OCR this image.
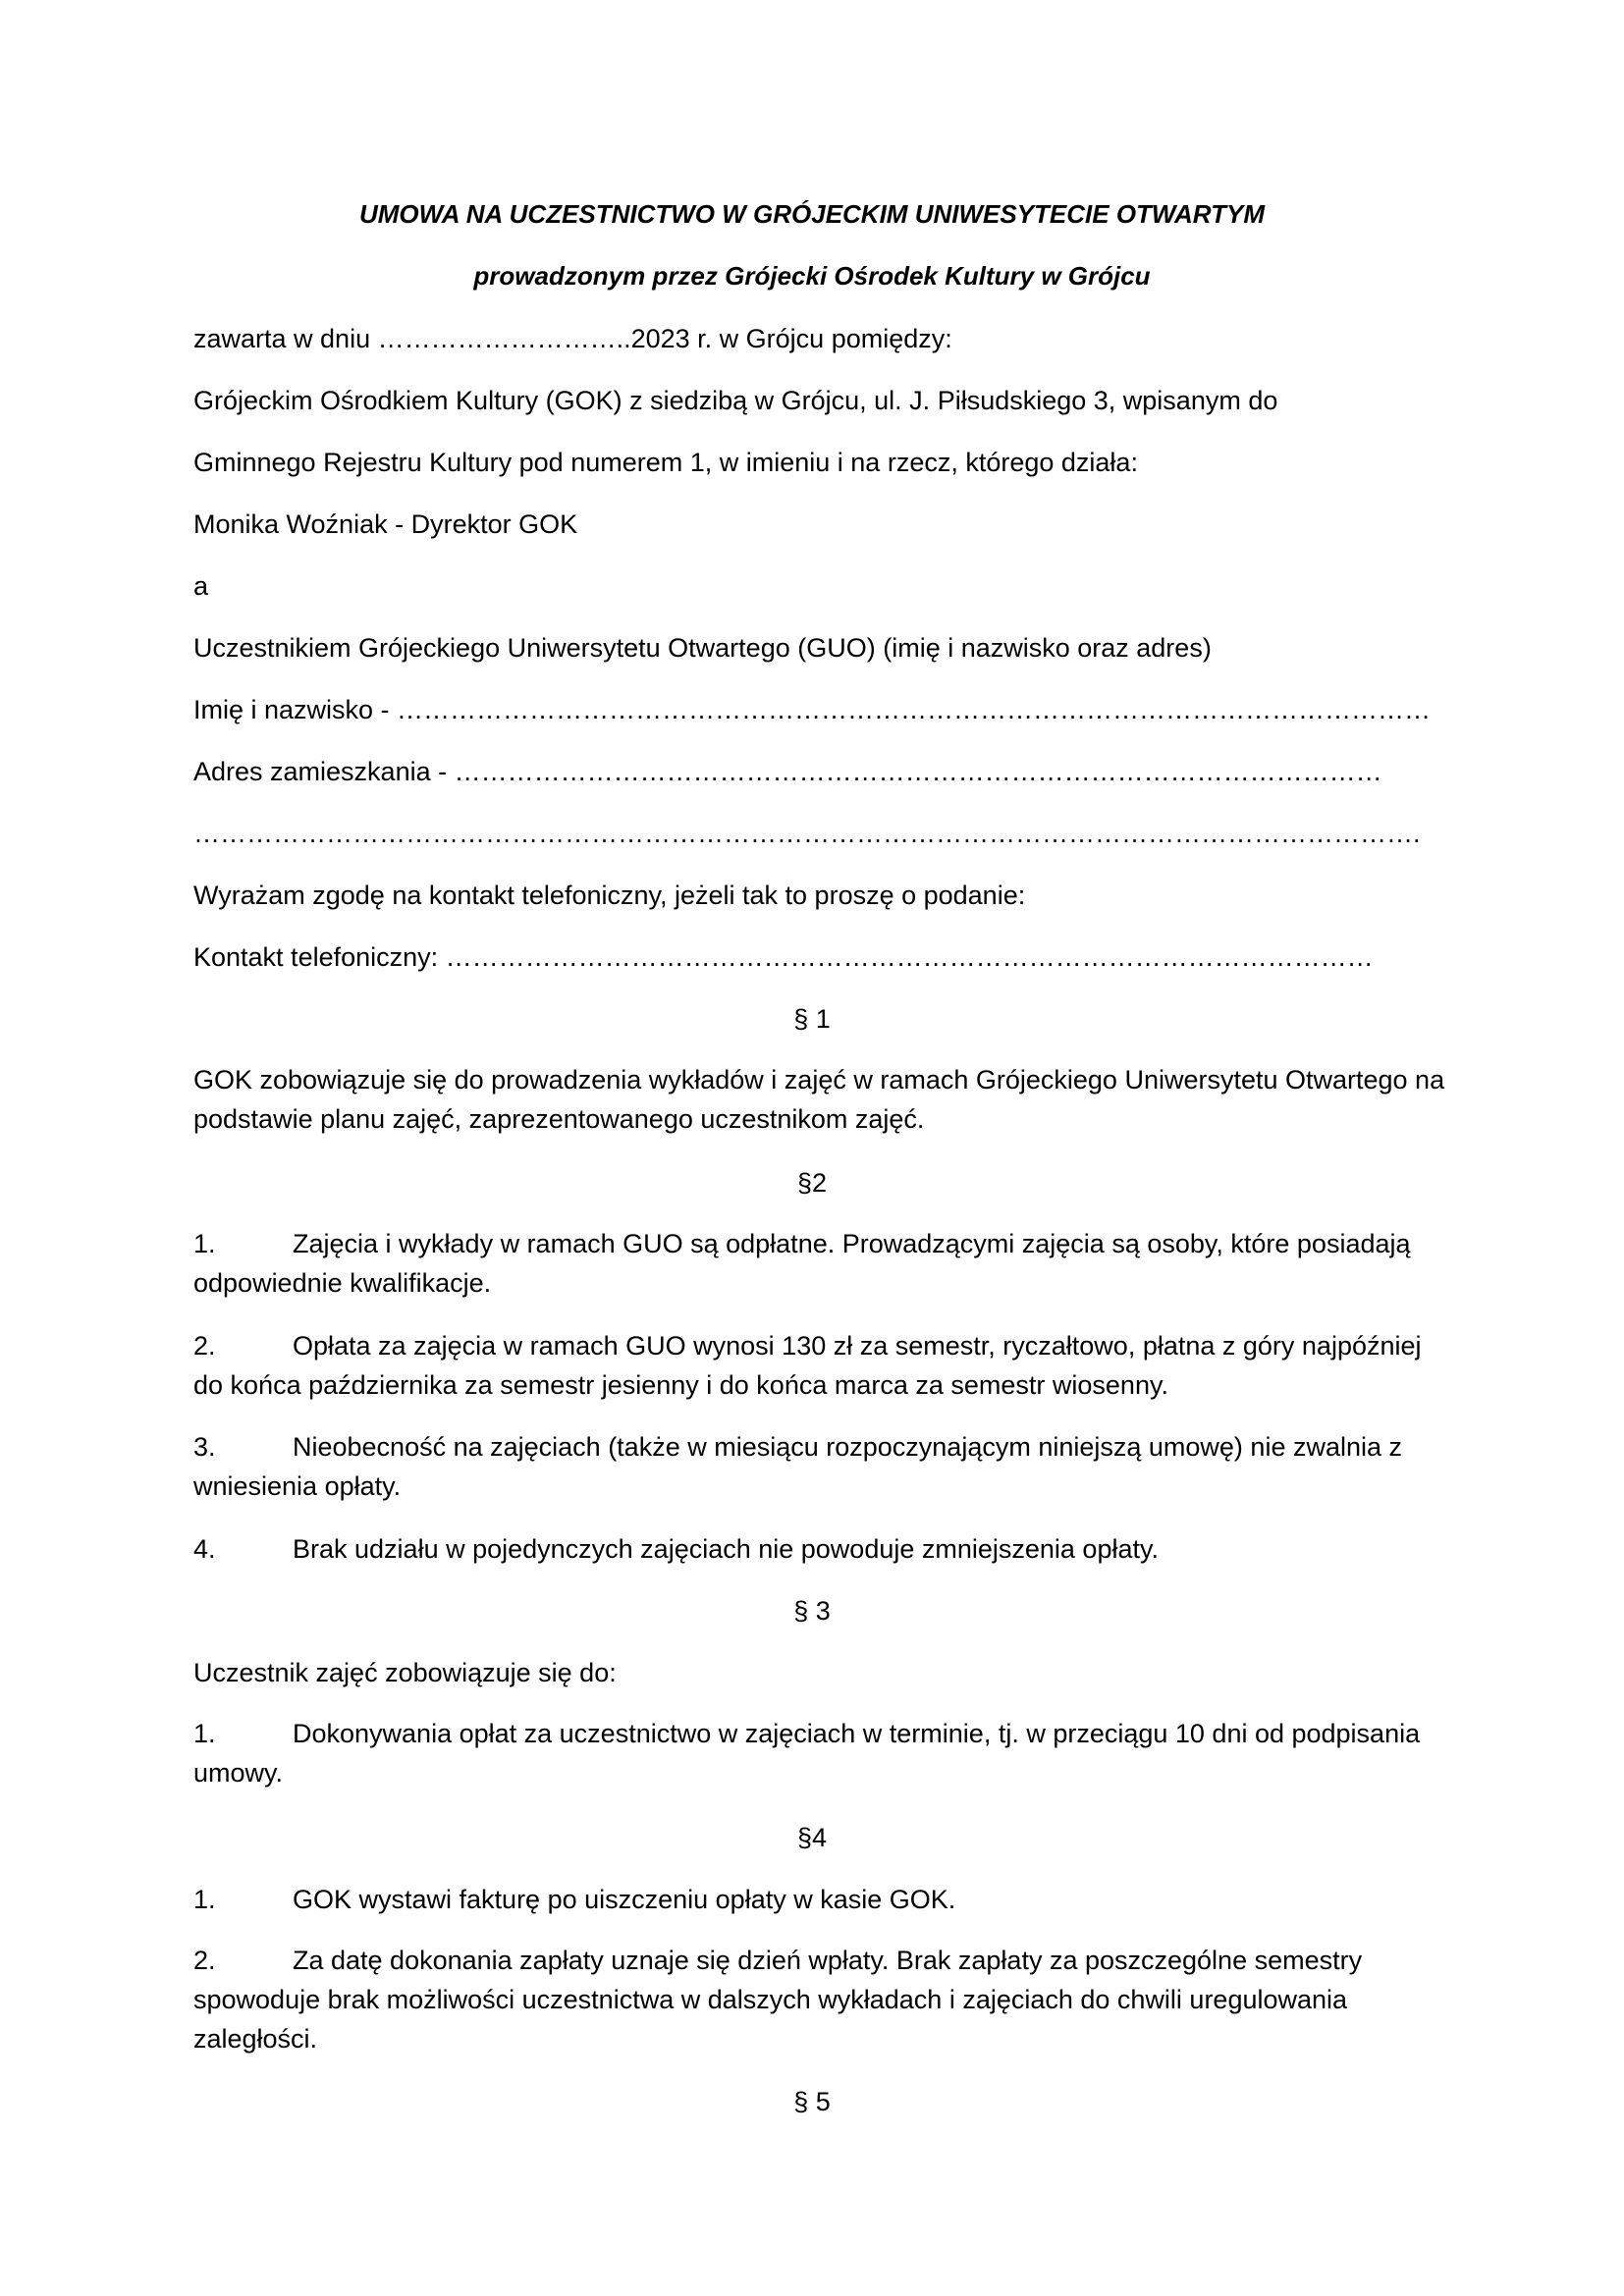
UMOWA NA UCZESTNICTWO W GRÓJECKIM UNIWESYTECIE OTWARTYM
prowadzonym przez Grójecki Ośrodek Kultury w Grójcu
zawarta w dniu ………………………..2023 r. w Grójcu pomiędzy:
Grójeckim Ośrodkiem Kultury (GOK) z siedzibą w Grójcu, ul. J. Piłsudskiego 3, wpisanym do
Gminnego Rejestru Kultury pod numerem 1, w imieniu i na rzecz, którego działa:
Monika Woźniak - Dyrektor GOK
a
Uczestnikiem Grójeckiego Uniwersytetu Otwartego (GUO) (imię i nazwisko oraz adres)
Imię i nazwisko - ………………………………………………………………………………………………………
Adres zamieszkania - ……………………………………………………………………………………………
………………………………………………………………………………………………………………………….
Wyrażam zgodę na kontakt telefoniczny, jeżeli tak to proszę o podanie:
Kontakt telefoniczny: ……………………………………………………………………………………………
§ 1
GOK zobowiązuje się do prowadzenia wykładów i zajęć w ramach Grójeckiego Uniwersytetu Otwartego na podstawie planu zajęć, zaprezentowanego uczestnikom zajęć.
§2
1.	Zajęcia i wykłady w ramach GUO są odpłatne. Prowadzącymi zajęcia są osoby, które posiadają odpowiednie kwalifikacje.
2.	Opłata za zajęcia w ramach GUO wynosi 130 zł za semestr, ryczałtowo, płatna z góry najpóźniej do końca października za semestr jesienny i do końca marca za semestr wiosenny.
3.	Nieobecność na zajęciach (także w miesiącu rozpoczynającym niniejszą umowę) nie zwalnia z wniesienia opłaty.
4.	Brak udziału w pojedynczych zajęciach nie powoduje zmniejszenia opłaty.
§ 3
Uczestnik zajęć zobowiązuje się do:
1.	Dokonywania opłat za uczestnictwo w zajęciach w terminie, tj. w przeciągu 10 dni od podpisania umowy.
§4
1.	GOK wystawi fakturę po uiszczeniu opłaty w kasie GOK.
2.	Za datę dokonania zapłaty uznaje się dzień wpłaty. Brak zapłaty za poszczególne semestry spowoduje brak możliwości uczestnictwa w dalszych wykładach i zajęciach do chwili uregulowania zaległości.
§ 5
